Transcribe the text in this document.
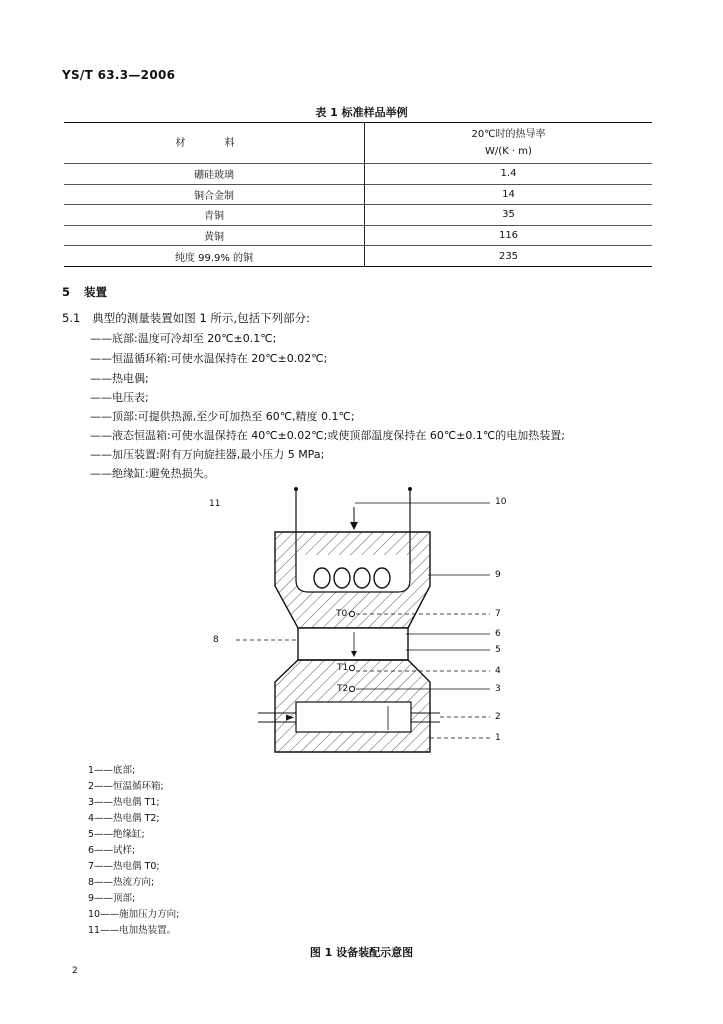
YS/T 63.3—2006
表 1 标准样品举例
材 料	20℃时的热导率
W/(K · m)

硼硅玻璃	1.4
铜合金制	14
青铜	35
黄铜	116
纯度 99.9% 的铜	235
5 装置
5.1 典型的测量装置如图 1 所示,包括下列部分:
——底部:温度可冷却至 20℃±0.1℃;
——恒温循环箱:可使水温保持在 20℃±0.02℃;
——热电偶;
——电压表;
——顶部:可提供热源,至少可加热至 60℃,精度 0.1℃;
——液态恒温箱:可使水温保持在 40℃±0.02℃;或使顶部温度保持在 60℃±0.1℃的电加热装置;
——加压装置:附有万向旋挂器,最小压力 5 MPa;
——绝缘缸:避免热损失。
11	10
9
7
6
5
4
3
2
1
8
T0
T1
T2
1——底部;
2——恒温循环箱;
3——热电偶 T1;
4——热电偶 T2;
5——绝缘缸;
6——试样;
7——热电偶 T0;
8——热流方向;
9——顶部;
10——施加压力方向;
11——电加热装置。
图 1 设备装配示意图
2
